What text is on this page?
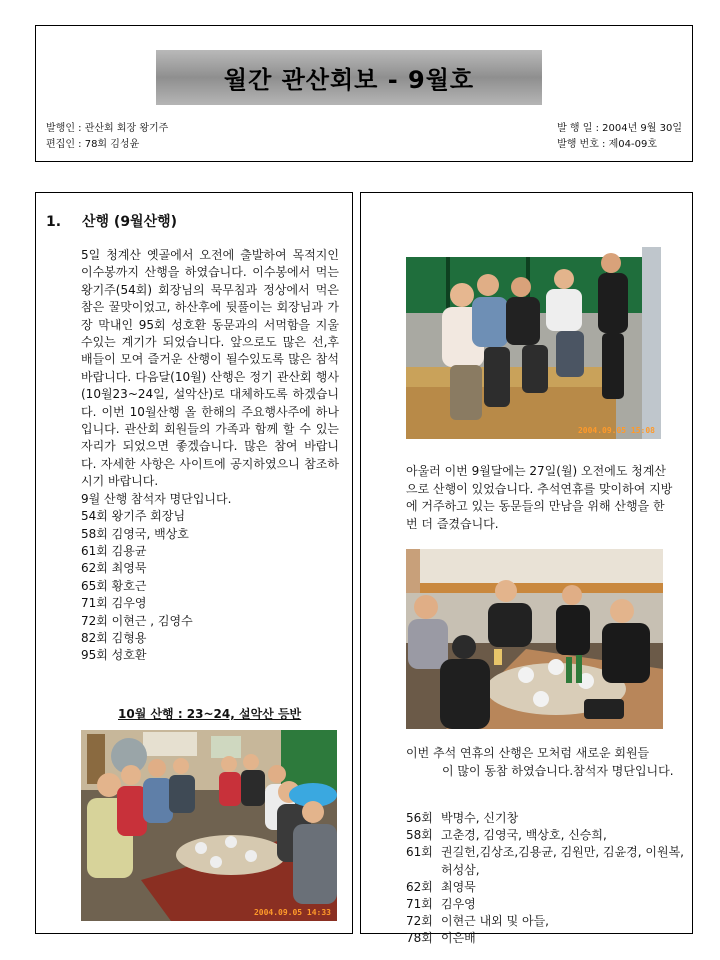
월간 관산회보 - 9월호
발행인 : 관산회 회장 왕기주
편집인 : 78회 김성윤
발 행 일 : 2004년 9월 30일
발행 번호 : 제04-09호
1. 산행 (9월산행)

5일 청계산 옛골에서 오전에 출발하여 목적지인 이수봉까지 산행을 하였습니다. 이수봉에서 먹는 왕기주(54회) 회장님의 묵무침과 정상에서 먹은 참은 꿀맛이었고, 하산후에 뒷풀이는 회장님과 가장 막내인 95회 성호환 동문과의 서먹함을 지울수있는 계기가 되었습니다. 앞으로도 많은 선,후배들이 모여 즐거운 산행이 될수있도록 많은 참석 바랍니다. 다음달(10월) 산행은 정기 관산회 행사(10월23~24일, 설악산)로 대체하도록 하겠습니다. 이번 10월산행 올 한해의 주요행사주에 하나 입니다. 관산회 회원들의 가족과 함께 할 수 있는 자리가 되었으면 좋겠습니다. 많은 참여 바랍니다. 자세한 사항은 사이트에 공지하였으니 참조하시기 바랍니다.

9월 산행 참석자 명단입니다.

54회 왕기주 회장님
58회 김영국, 백상호
61회 김용균
62회 최영묵
65회 황호근
71회 김우영
72회 이현근 , 김영수
82회 김형용
95회 성호환
10월 산행 : 23~24, 설악산 등반
2004.09.05 14:33
2004.09.05 15:08
아울러 이번 9월달에는 27일(월) 오전에도 청계산으로 산행이 있었습니다. 추석연휴를 맞이하여 지방에 거주하고 있는 동문들의 만남을 위해 산행을 한번 더 즐겼습니다.
이번 추석 연휴의 산행은 모처럼 새로운 회원들
이 많이 동참 하였습니다.참석자 명단입니다.
56회 박명수, 신기창
58회 고춘경, 김영국, 백상호, 신승희,
61회 권길헌,김상조,김용균, 김원만, 김윤경, 이원복,허성삼,
62회 최영묵
71회 김우영
72회 이현근 내외 및 아들,
78회 이은배
